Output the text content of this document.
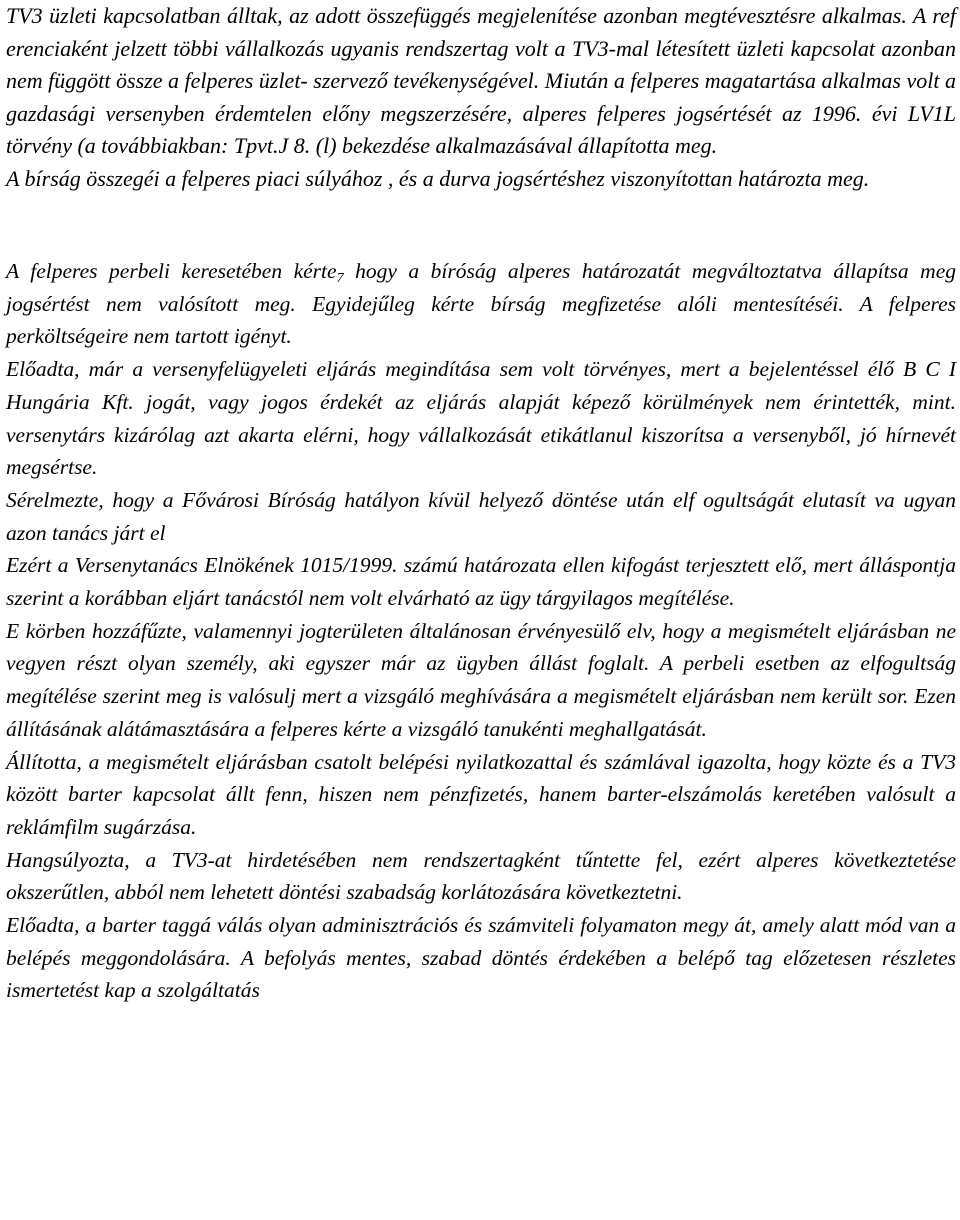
TV3 üzleti kapcsolatban álltak, az adott összefüggés megjelenítése azonban megtévesztésre alkalmas. A ref erenciaként jelzett többi vállalkozás ugyanis rendszertag volt a TV3-mal létesített üzleti kapcsolat azonban nem függött össze a felperes üzlet- szervező tevékenységével. Miután a felperes magatartása alkalmas volt a gazdasági versenyben érdemtelen előny megszerzésére, alperes felperes jogsértését az 1996. évi LV1L törvény (a továbbiakban: Tpvt.J 8. (l) bekezdése alkalmazásával állapította meg.

A bírság összegéi a felperes piaci súlyához , és a durva jogsértéshez viszonyítottan határozta meg.

A felperes perbeli keresetében kérte$_7$ hogy a bíróság alperes határozatát megváltoztatva állapítsa meg jogsértést nem valósított meg. Egyidejűleg kérte bírság megfizetése alóli mentesítéséi. A felperes perköltségeire nem tartott igényt.

Előadta, már a versenyfelügyeleti eljárás megindítása sem volt törvényes, mert a bejelentéssel élő B C I Hungária Kft. jogát, vagy jogos érdekét az eljárás alapját képező körülmények nem érintették, mint. versenytárs kizárólag azt akarta elérni, hogy vállalkozását etikátlanul kiszorítsa a versenyből, jó hírnevét megsértse.

Sérelmezte, hogy a Fővárosi Bíróság hatályon kívül helyező döntése után elf ogultságát elutasít va ugyan azon tanács járt el

Ezért a Versenytanács Elnökének 1015/1999. számú határozata ellen kifogást terjesztett elő, mert álláspontja szerint a korábban eljárt tanácstól nem volt elvárható az ügy tárgyilagos megítélése.

E körben hozzáfűzte, valamennyi jogterületen általánosan érvényesülő elv, hogy a megismételt eljárásban ne vegyen részt olyan személy, aki egyszer már az ügyben állást foglalt. A perbeli esetben az elfogultság megítélése szerint meg is valósulj mert a vizsgáló meghívására a megismételt eljárásban nem került sor. Ezen állításának alátámasztására a felperes kérte a vizsgáló tanukénti meghallgatását.

Állította, a megismételt eljárásban csatolt belépési nyilatkozattal és számlával igazolta, hogy közte és a TV3 között barter kapcsolat állt fenn, hiszen nem pénzfizetés, hanem barter-elszámolás keretében valósult a reklámfilm sugárzása.

Hangsúlyozta, a TV3-at hirdetésében nem rendszertagként tűntette fel, ezért alperes következtetése okszerűtlen, abból nem lehetett döntési szabadság korlátozására következtetni.

Előadta, a barter taggá válás olyan adminisztrációs és számviteli folyamaton megy át, amely alatt mód van a belépés meggondolására. A befolyás mentes, szabad döntés érdekében a belépő tag előzetesen részletes ismertetést kap a szolgáltatás
